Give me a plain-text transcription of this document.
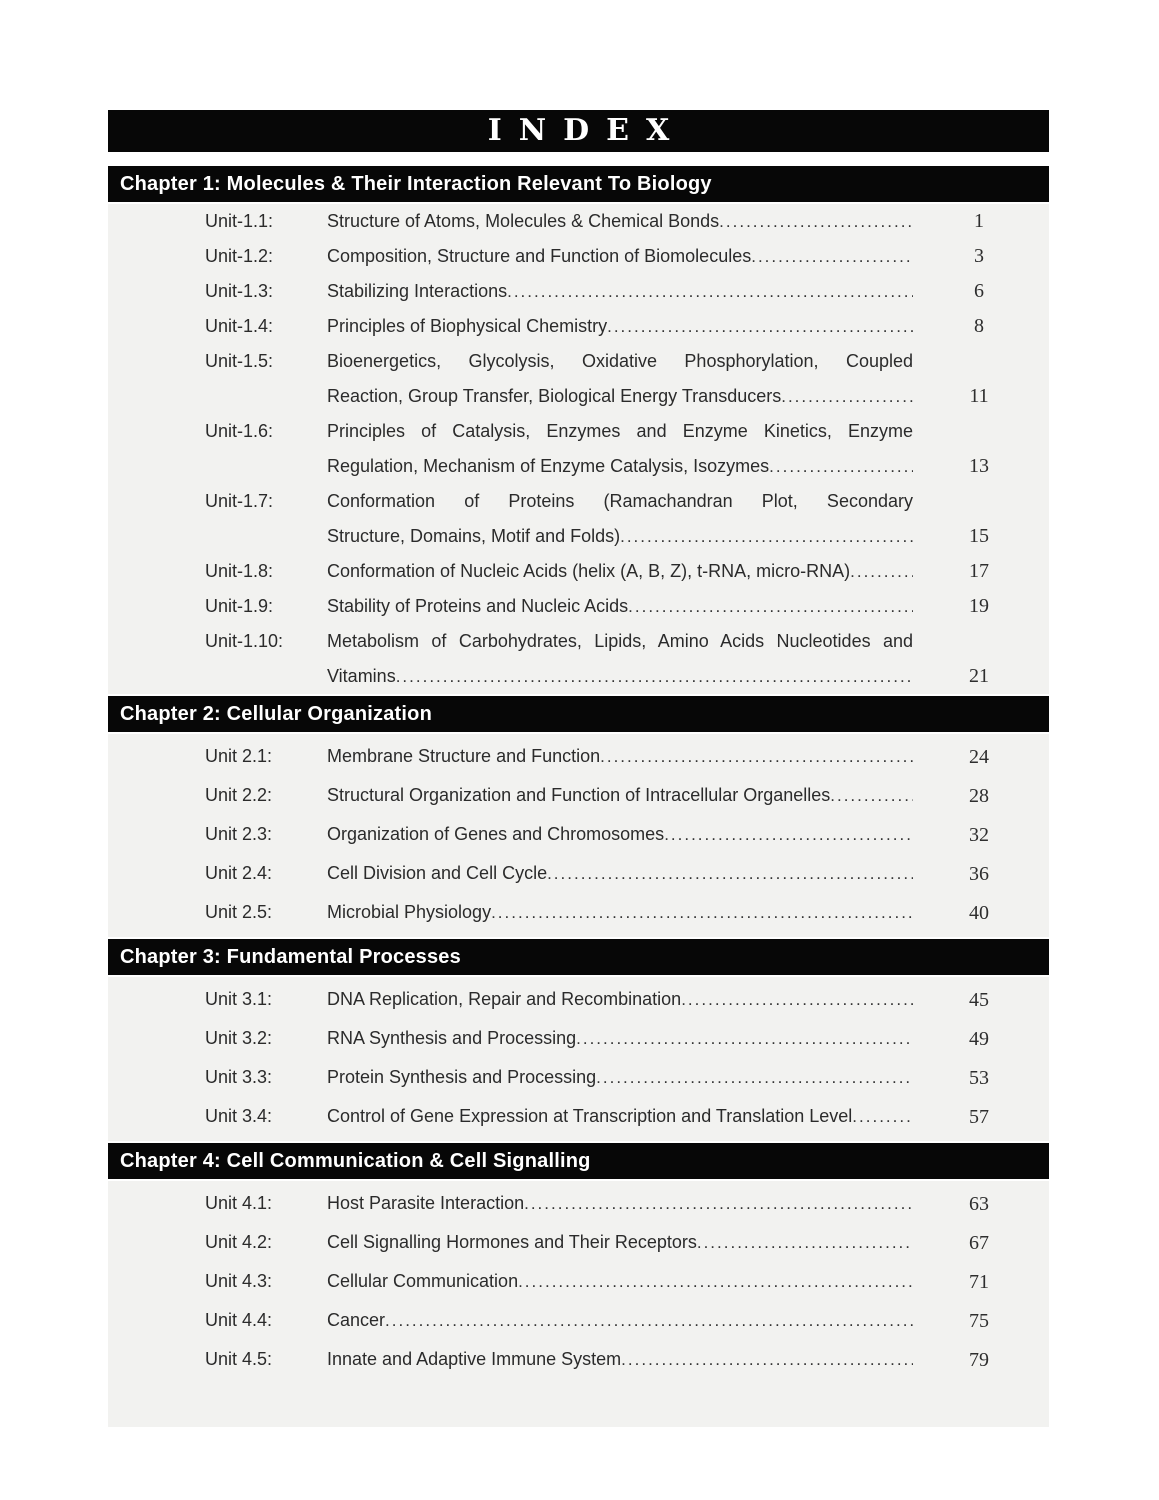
INDEX
Chapter 1: Molecules & Their Interaction Relevant To Biology
Unit-1.1:	Structure of Atoms, Molecules & Chemical Bonds .....	1
Unit-1.2:	Composition, Structure and Function of Biomolecules .....	3
Unit-1.3:	Stabilizing Interactions .....	6
Unit-1.4:	Principles of Biophysical Chemistry .....	8
Unit-1.5:	Bioenergetics, Glycolysis, Oxidative Phosphorylation, Coupled
Reaction, Group Transfer, Biological Energy Transducers .....	11
Unit-1.6:	Principles of Catalysis, Enzymes and Enzyme Kinetics, Enzyme
Regulation, Mechanism of Enzyme Catalysis, Isozymes .....	13
Unit-1.7:	Conformation of Proteins (Ramachandran Plot, Secondary
Structure, Domains, Motif and Folds) .....	15
Unit-1.8:	Conformation of Nucleic Acids (helix (A, B, Z), t-RNA, micro-RNA) .....	17
Unit-1.9:	Stability of Proteins and Nucleic Acids .....	19
Unit-1.10:	Metabolism of Carbohydrates, Lipids, Amino Acids Nucleotides and
Vitamins .....	21
Chapter 2: Cellular Organization
Unit 2.1:	Membrane Structure and Function .....	24
Unit 2.2:	Structural Organization and Function of Intracellular Organelles .....	28
Unit 2.3:	Organization of Genes and Chromosomes .....	32
Unit 2.4:	Cell Division and Cell Cycle .....	36
Unit 2.5:	Microbial Physiology .....	40
Chapter 3: Fundamental Processes
Unit 3.1:	DNA Replication, Repair and Recombination .....	45
Unit 3.2:	RNA Synthesis and Processing .....	49
Unit 3.3:	Protein Synthesis and Processing .....	53
Unit 3.4:	Control of Gene Expression at Transcription and Translation Level .....	57
Chapter 4: Cell Communication & Cell Signalling
Unit 4.1:	Host Parasite Interaction .....	63
Unit 4.2:	Cell Signalling Hormones and Their Receptors .....	67
Unit 4.3:	Cellular Communication .....	71
Unit 4.4:	Cancer .....	75
Unit 4.5:	Innate and Adaptive Immune System .....	79
